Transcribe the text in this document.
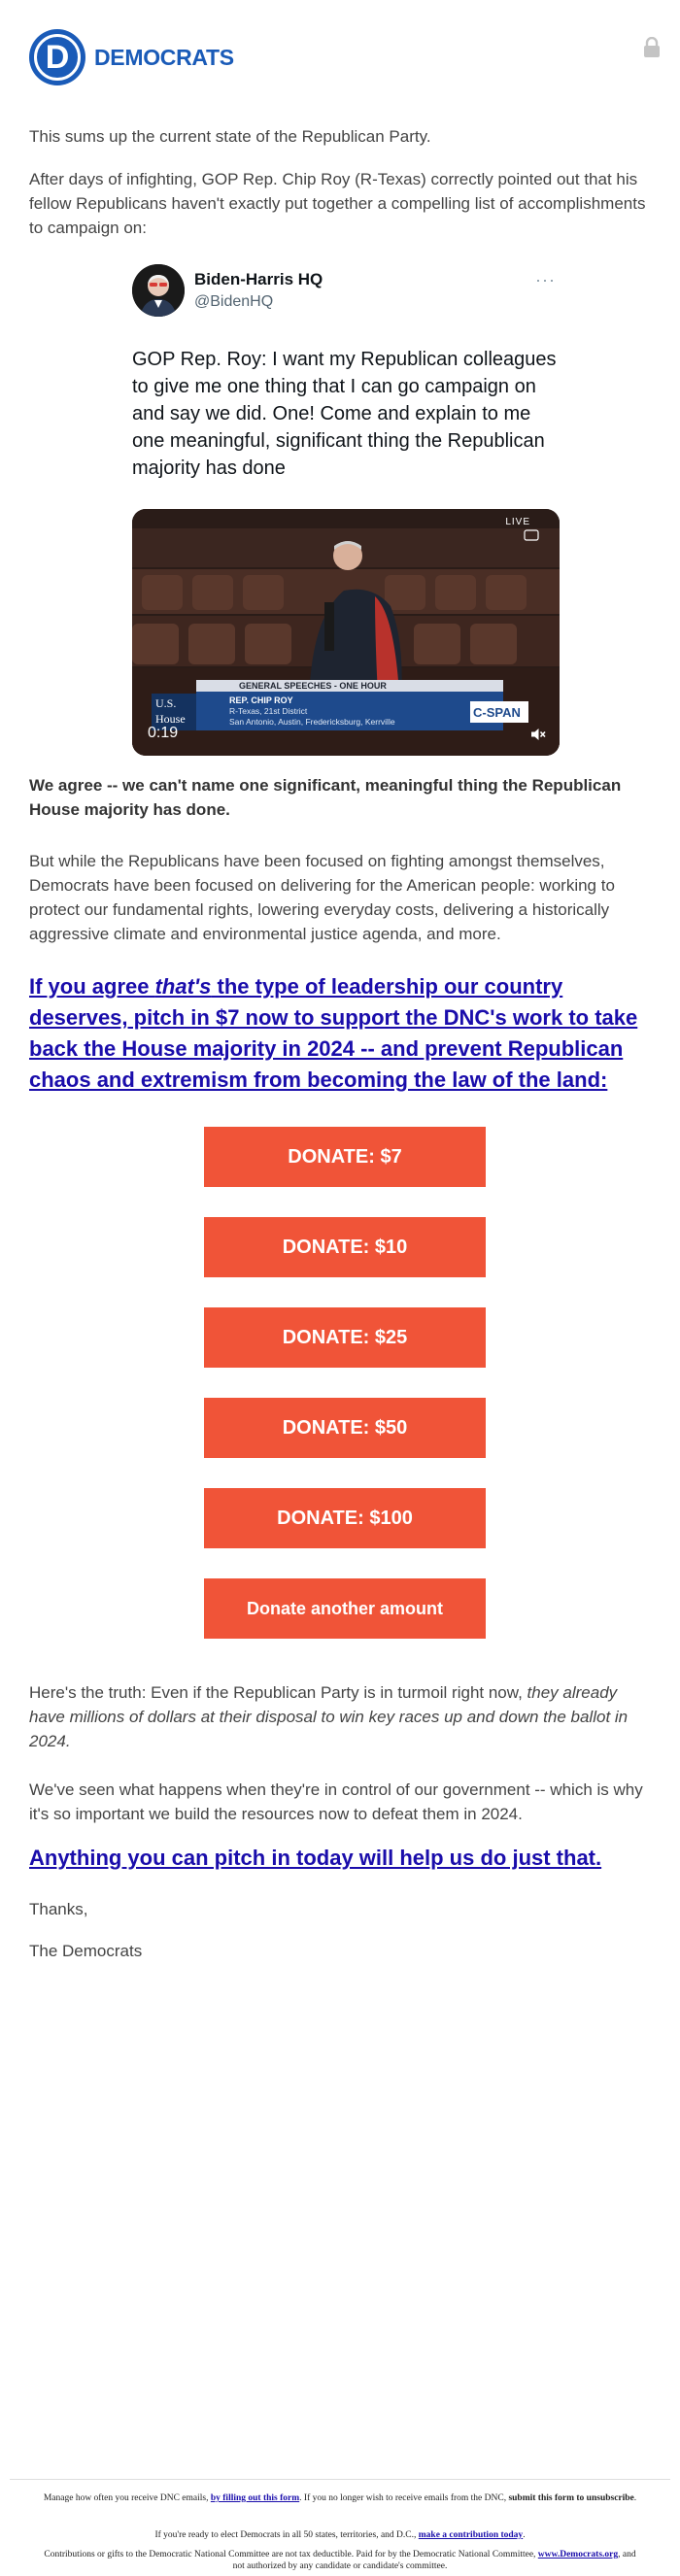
D	DEMOCRATS

This sums up the current state of the Republican Party.

After days of infighting, GOP Rep. Chip Roy (R-Texas) correctly pointed out that his fellow Republicans haven't exactly put together a compelling list of accomplishments to campaign on:

Biden-Harris HQ
@BidenHQ
···
GOP Rep. Roy: I want my Republican colleagues to give me one thing that I can go campaign on and say we did. One! Come and explain to me one meaningful, significant thing the Republican majority has done
GENERAL SPEECHES - ONE HOUR
REP. CHIP ROY
R-Texas, 21st District
San Antonio, Austin, Fredericksburg, Kerrville
U.S.
House	C-SPAN
LIVE
0:19

We agree -- we can't name one significant, meaningful thing the Republican House majority has done.

But while the Republicans have been focused on fighting amongst themselves, Democrats have been focused on delivering for the American people: working to protect our fundamental rights, lowering everyday costs, delivering a historically aggressive climate and environmental justice agenda, and more.

If you agree that's the type of leadership our country deserves, pitch in $7 now to support the DNC's work to take back the House majority in 2024 -- and prevent Republican chaos and extremism from becoming the law of the land:
DONATE: $7
DONATE: $10
DONATE: $25
DONATE: $50
DONATE: $100
Donate another amount

Here's the truth: Even if the Republican Party is in turmoil right now, they already have millions of dollars at their disposal to win key races up and down the ballot in 2024.

We've seen what happens when they're in control of our government -- which is why it's so important we build the resources now to defeat them in 2024.

Anything you can pitch in today will help us do just that.

Thanks,

The Democrats

Manage how often you receive DNC emails, by filling out this form. If you no longer wish to receive emails from the DNC, submit this form to unsubscribe.

If you're ready to elect Democrats in all 50 states, territories, and D.C., make a contribution today.

Contributions or gifts to the Democratic National Committee are not tax deductible. Paid for by the Democratic National Committee, www.Democrats.org, and not authorized by any candidate or candidate's committee.
